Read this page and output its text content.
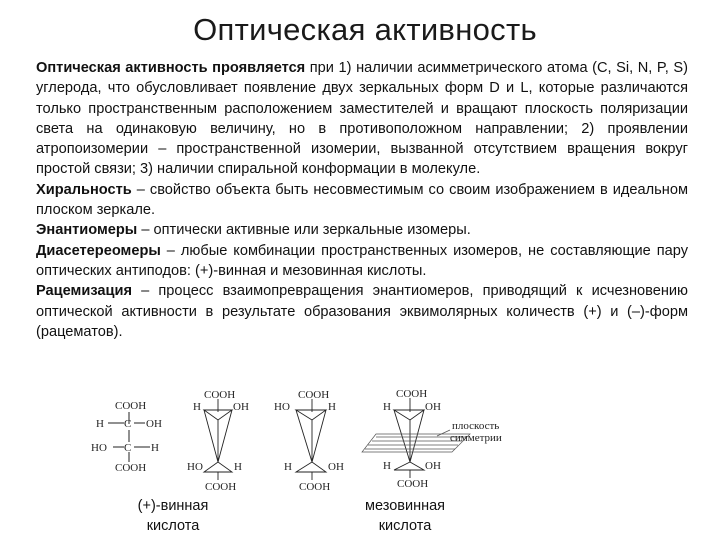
Оптическая активность

Оптическая активность проявляется при 1) наличии асимметрического атома (C, Si, N, P, S) углерода, что обусловливает появление двух зеркальных форм D и L, которые различаются только пространственным расположением заместителей и вращают плоскость поляризации света на одинаковую величину, но в противоположном направлении; 2) проявлении атропоизомерии – пространственной изомерии, вызванной отсутствием вращения вокруг простой связи; 3) наличии спиральной конформации в молекуле.

Хиральность – свойство объекта быть несовместимым со своим изображением в идеальном плоском зеркале.

Энантиомеры – оптически активные или зеркальные изомеры.

Диасетереомеры – любые комбинации пространственных изомеров, не составляющие пару оптических антиподов: (+)-винная и мезовинная кислоты.

Рацемизация – процесс взаимопревращения энантиомеров, приводящий к исчезновению оптической активности в результате образования эквимолярных количеств (+) и (–)-форм (рацематов).

COOH
H C OH
HO C H
COOH
COOH
H	OH
HO	H
COOH
COOH
HO	H
H	OH
COOH
COOH
H	OH
H	OH
COOH
плоскость
симметрии
(+)-винная
кислота
мезовинная
кислота
